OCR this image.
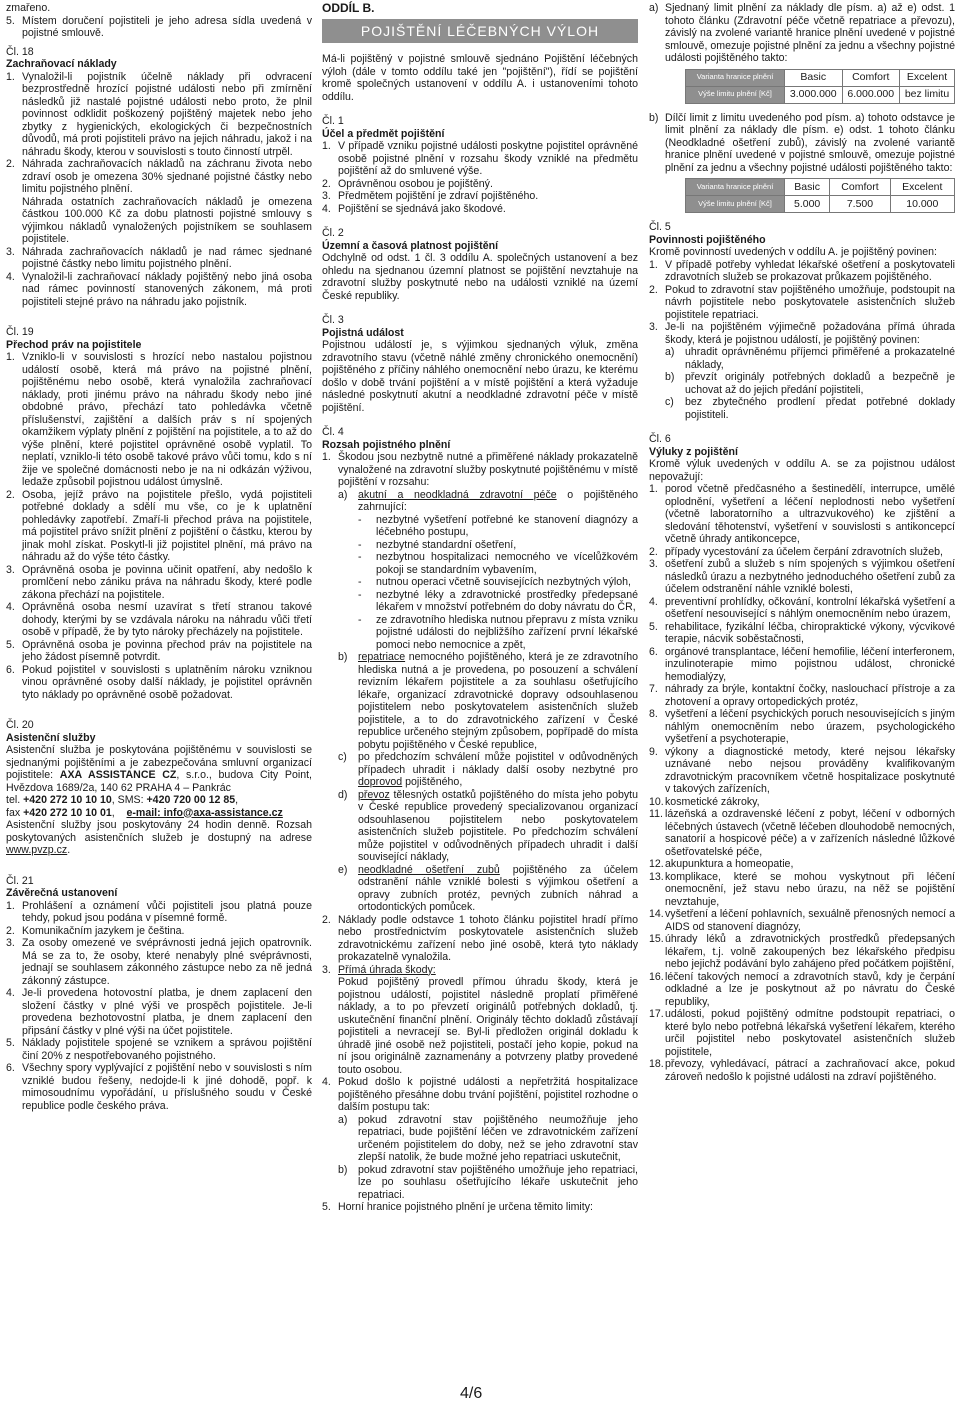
zmařeno.

5. Místem doručení pojistiteli je jeho adresa sídla uvedená v pojistné smlouvě.

Čl. 18

Zachraňovací náklady

1. Vynaložil-li pojistník účelně náklady při odvracení bezprostředně hrozící pojistné události nebo při zmírnění následků již nastalé pojistné události nebo proto, že plnil povinnost odklidit poškozený pojištěný majetek nebo jeho zbytky z hygienických, ekologických či bezpečnostních důvodů, má proti pojistiteli právo na jejich náhradu, jakož i na náhradu škody, kterou v souvislosti s touto činností utrpěl.
2. Náhrada zachraňovacích nákladů na záchranu života nebo zdraví osob je omezena 30% sjednané pojistné částky nebo limitu pojistného plnění.
Náhrada ostatních zachraňovacích nákladů je omezena částkou 100.000 Kč za dobu platnosti pojistné smlouvy s výjimkou nákladů vynaložených pojistníkem se souhlasem pojistitele.
3. Náhrada zachraňovacích nákladů je nad rámec sjednané pojistné částky nebo limitu pojistného plnění.
4. Vynaložil-li zachraňovací náklady pojištěný nebo jiná osoba nad rámec povinností stanovených zákonem, má proti pojistiteli stejné právo na náhradu jako pojistník.

Čl. 19

Přechod práv na pojistitele

1. Vzniklo-li v souvislosti s hrozící nebo nastalou pojistnou událostí osobě, která má právo na pojistné plnění, pojištěnému nebo osobě, která vynaložila zachraňovací náklady, proti jinému právo na náhradu škody nebo jiné obdobné právo, přechází tato pohledávka včetně příslušenství, zajištění a dalších práv s ní spojených okamžikem výplaty plnění z pojištění na pojistitele, a to až do výše plnění, které pojistitel oprávněné osobě vyplatil. To neplatí, vzniklo-li této osobě takové právo vůči tomu, kdo s ní žije ve společné domácnosti nebo je na ni odkázán výživou, ledaže způsobil pojistnou událost úmyslně.
2. Osoba, jejíž právo na pojistitele přešlo, vydá pojistiteli potřebné doklady a sdělí mu vše, co je k uplatnění pohledávky zapotřebí. Zmaří-li přechod práva na pojistitele, má pojistitel právo snížit plnění z pojištění o částku, kterou by jinak mohl získat. Poskytl-li již pojistitel plnění, má právo na náhradu až do výše této částky.
3. Oprávněná osoba je povinna učinit opatření, aby nedošlo k promlčení nebo zániku práva na náhradu škody, které podle zákona přechází na pojistitele.
4. Oprávněná osoba nesmí uzavírat s třetí stranou takové dohody, kterými by se vzdávala nároku na náhradu vůči třetí osobě v případě, že by tyto nároky přecházely na pojistitele.
5. Oprávněná osoba je povinna přechod práv na pojistitele na jeho žádost písemně potvrdit.
6. Pokud pojistitel v souvislosti s uplatněním nároku vzniknou vinou oprávněné osoby další náklady, je pojistitel oprávněn tyto náklady po oprávněné osobě požadovat.

Čl. 20

Asistenční služby

Asistenční služba je poskytována pojištěnému v souvislosti se sjednanými pojištěními a je zabezpečována smluvní organizací pojistitele: AXA ASSISTANCE CZ, s.r.o., budova City Point, Hvězdova 1689/2a, 140 62 PRAHA 4 – Pankrác

tel. +420 272 10 10 10, SMS: +420 720 00 12 85,

fax +420 272 10 10 01,    e-mail: info@axa-assistance.cz

Asistenční služby jsou poskytovány 24 hodin denně. Rozsah poskytovaných asistenčních služeb je dostupný na adrese www.pvzp.cz.

Čl. 21

Závěrečná ustanovení

1. Prohlášení a oznámení vůči pojistiteli jsou platná pouze tehdy, pokud jsou podána v písemné formě.
2. Komunikačním jazykem je čeština.
3. Za osoby omezené ve svéprávnosti jedná jejich opatrovník. Má se za to, že osoby, které nenabyly plné svéprávnosti, jednají se souhlasem zákonného zástupce nebo za ně jedná zákonný zástupce.
4. Je-li provedena hotovostní platba, je dnem zaplacení den složení částky v plné výši ve prospěch pojistitele. Je-li provedena bezhotovostní platba, je dnem zaplacení den připsání částky v plné výši na účet pojistitele.
5. Náklady pojistitele spojené se vznikem a správou pojištění činí 20% z nespotřebovaného pojistného.
6. Všechny spory vyplývající z pojištění nebo v souvislosti s ním vzniklé budou řešeny, nedojde-li k jiné dohodě, popř. k mimosoudnímu vypořádání, u příslušného soudu v České republice podle českého práva.

ODDÍL B.

POJIŠTĚNÍ LÉČEBNÝCH VÝLOH

Má-li pojištěný v pojistné smlouvě sjednáno Pojištění léčebných výloh (dále v tomto oddílu také jen "pojištění"), řídí se pojištění kromě společných ustanovení v oddílu A. i ustanoveními tohoto oddílu.

Čl. 1

Účel a předmět pojištění

1. V případě vzniku pojistné události poskytne pojistitel oprávněné osobě pojistné plnění v rozsahu škody vzniklé na předmětu pojištění až do smluvené výše.
2. Oprávněnou osobou je pojištěný.
3. Předmětem pojištění je zdraví pojištěného.
4. Pojištění se sjednává jako škodové.

Čl. 2

Územní a časová platnost pojištění

Odchylně od odst. 1 čl. 3 oddílu A. společných ustanovení a bez ohledu na sjednanou územní platnost se pojištění nevztahuje na zdravotní služby poskytnuté nebo na události vzniklé na území České republiky.

Čl. 3

Pojistná událost

Pojistnou událostí je, s výjimkou sjednaných výluk, změna zdravotního stavu (včetně náhlé změny chronického onemocnění) pojištěného z příčiny náhlého onemocnění nebo úrazu, ke kterému došlo v době trvání pojištění a v místě pojištění a která vyžaduje následné poskytnutí akutní a neodkladné zdravotní péče v místě pojištění.

Čl. 4

Rozsah pojistného plnění

1. Škodou jsou nezbytně nutné a přiměřené náklady prokazatelně vynaložené na zdravotní služby poskytnuté pojištěnému v místě pojištění v rozsahu:
a) akutní a neodkladná zdravotní péče o pojištěného zahrnující:
-	nezbytné vyšetření potřebné ke stanovení diagnózy a léčebného postupu,
-	nezbytné standardní ošetření,
-	nezbytnou hospitalizaci nemocného ve vícelůžkovém pokoji se standardním vybavením,
-	nutnou operaci včetně souvisejících nezbytných výloh,
-	nezbytné léky a zdravotnické prostředky předepsané lékařem v množství potřebném do doby návratu do ČR,
-	ze zdravotního hlediska nutnou přepravu z místa vzniku pojistné události do nejbližšího zařízení první lékařské pomoci nebo nemocnice a zpět,
b) repatriace nemocného pojištěného, která je ze zdravotního hlediska nutná a je provedena, po posouzení a schválení revizním lékařem pojistitele a za souhlasu ošetřujícího lékaře, organizací zdravotnické dopravy odsouhlasenou pojistitelem nebo poskytovatelem asistenčních služeb pojistitele, a to do zdravotnického zařízení v České republice určeného stejným způsobem, popřípadě do místa pobytu pojištěného v České republice,
c)	po předchozím schválení může pojistitel v odůvodněných případech uhradit i náklady další osoby nezbytné pro doprovod pojištěného,
d) převoz tělesných ostatků pojištěného do místa jeho pobytu v České republice provedený specializovanou organizací odsouhlasenou pojistitelem nebo poskytovatelem asistenčních služeb pojistitele. Po předchozím schválení může pojistitel v odůvodněných případech uhradit i další související náklady,
e) neodkladné ošetření zubů pojištěného za účelem odstranění náhle vzniklé bolesti s výjimkou ošetření a opravy zubních protéz, pevných zubních náhrad a ortodontických pomůcek.
2. Náklady podle odstavce 1 tohoto článku pojistitel hradí přímo nebo prostřednictvím poskytovatele asistenčních služeb zdravotnickému zařízení nebo jiné osobě, která tyto náklady prokazatelně vynaložila.
3. Přímá úhrada škody:
Pokud pojištěný provedl přímou úhradu škody, která je pojistnou událostí, pojistitel následně proplatí přiměřené náklady, a to po převzetí originálů potřebných dokladů, tj. uskutečnění finanční plnění. Originály těchto dokladů zůstávají pojistiteli a nevracejí se. Byl-li předložen originál dokladu k úhradě jiné osobě než pojistiteli, postačí jeho kopie, pokud na ní jsou originálně zaznamenány a potvrzeny platby provedené touto osobou.
4. Pokud došlo k pojistné události a nepřetržitá hospitalizace pojištěného přesáhne dobu trvání pojištění, pojistitel rozhodne o dalším postupu tak:
a) pokud zdravotní stav pojištěného neumožňuje jeho repatriaci, bude pojištění léčen ve zdravotnickém zařízení určeném pojistitelem do doby, než se jeho zdravotní stav zlepší natolik, že bude možné jeho repatriaci uskutečnit,
b) pokud zdravotní stav pojištěného umožňuje jeho repatriaci, lze po souhlasu ošetřujícího lékaře uskutečnit jeho repatriaci.
5. Horní hranice pojistného plnění je určena těmito limity:
a) Sjednaný limit plnění za náklady dle písm. a) až e) odst. 1 tohoto článku (Zdravotní péče včetně repatriace a převozu), závislý na zvolené variantě hranice plnění uvedené v pojistné smlouvě, omezuje pojistné plnění za jednu a všechny pojistné události pojištěného takto:
Varianta hranice plnění	Basic	Comfort	Excelent
Výše limitu plnění [Kč]	3.000.000	6.000.000	bez limitu
b) Dílčí limit z limitu uvedeného pod písm. a) tohoto odstavce je limit plnění za náklady dle písm. e) odst. 1 tohoto článku (Neodkladné ošetření zubů), závislý na zvolené variantě hranice plnění uvedené v pojistné smlouvě, omezuje pojistné plnění za jednu a všechny pojistné události pojištěného takto:
Varianta hranice plnění	Basic	Comfort	Excelent
Výše limitu plnění [Kč]	5.000	7.500	10.000

Čl. 5

Povinnosti pojištěného

Kromě povinností uvedených v oddílu A. je pojištěný povinen:

1. V případě potřeby vyhledat lékařské ošetření a poskytovateli zdravotních služeb se prokazovat průkazem pojištěného.
2. Pokud to zdravotní stav pojištěného umožňuje, podstoupit na návrh pojistitele nebo poskytovatele asistenčních služeb pojistitele repatriaci.
3. Je-li na pojištěném výjimečně požadována přímá úhrada škody, která je pojistnou událostí, je pojištěný povinen:
a) uhradit oprávněnému příjemci přiměřené a prokazatelné náklady,
b) převzít originály potřebných dokladů a bezpečně je uchovat až do jejich předání pojistiteli,
c)	bez zbytečného prodlení předat potřebné doklady pojistiteli.

Čl. 6

Výluky z pojištění

Kromě výluk uvedených v oddílu A. se za pojistnou událost nepovažují:

1. porod včetně předčasného a šestinedělí, interrupce, umělé oplodnění, vyšetření a léčení neplodnosti nebo vyšetření (včetně laboratorního a ultrazvukového) ke zjištění a sledování těhotenství, vyšetření v souvislosti s antikoncepcí včetně úhrady antikoncepce,
2. případy vycestování za účelem čerpání zdravotních služeb,
3. ošetření zubů a služeb s ním spojených s výjimkou ošetření následků úrazu a nezbytného jednoduchého ošetření zubů za účelem odstranění náhle vzniklé bolesti,
4. preventivní prohlídky, očkování, kontrolní lékařská vyšetření a ošetření nesouvisející s náhlým onemocněním nebo úrazem,
5. rehabilitace, fyzikální léčba, chiropraktické výkony, výcvikové terapie, nácvik soběstačnosti,
6. orgánové transplantace, léčení hemofilie, léčení interferonem, inzulinoterapie mimo pojistnou událost, chronické hemodialýzy,
7. náhrady za brýle, kontaktní čočky, naslouchací přístroje a za zhotovení a opravy ortopedických protéz,
8. vyšetření a léčení psychických poruch nesouvisejících s jiným náhlým onemocněním nebo úrazem, psychologického vyšetření a psychoterapie,
9. výkony a diagnostické metody, které nejsou lékařsky uznávané nebo nejsou prováděny kvalifikovaným zdravotnickým pracovníkem včetně hospitalizace poskytnuté v takových zařízeních,
10. kosmetické zákroky,
11. lázeňská a ozdravenské léčení z pobyt, léčení v odborných léčebných ústavech (včetně léčeben dlouhodobě nemocných, sanatorií a hospicové péče) a v zařízeních následné lůžkové ošetřovatelské péče,
12. akupunktura a homeopatie,
13. komplikace, které se mohou vyskytnout při léčení onemocnění, jež stavu nebo úrazu, na něž se pojištění nevztahuje,
14. vyšetření a léčení pohlavních, sexuálně přenosných nemocí a AIDS od stanovení diagnózy,
15. úhrady léků a zdravotnických prostředků předepsaných lékařem, t.j. volně zakoupených bez lékařského předpisu nebo jejichž podávání bylo zahájeno před počátkem pojištění,
16. léčení takových nemocí a zdravotních stavů, kdy je čerpání odkladné a lze je poskytnout až po návratu do České republiky,
17. události, pokud pojištěný odmítne podstoupit repatriaci, o které bylo nebo potřebná lékařská vyšetření lékařem, kterého určil pojistitel nebo poskytovatel asistenčních služeb pojistitele,
18. převozy, vyhledávací, pátrací a zachraňovací akce, pokud zároveň nedošlo k pojistné události na zdraví pojištěného.
4/6
